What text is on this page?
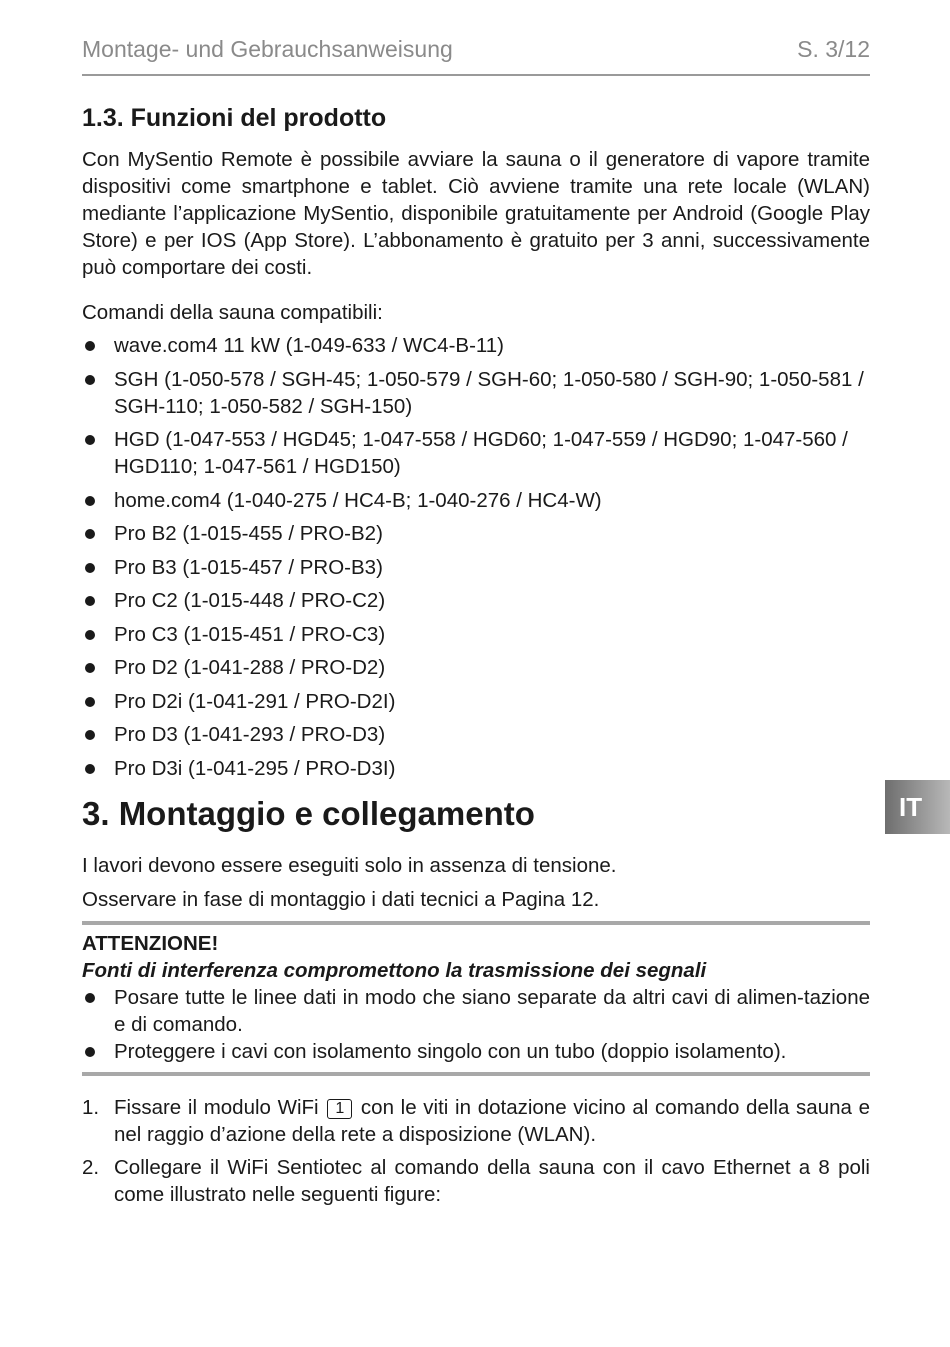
Montage- und Gebrauchsanweisung	S. 3/12
1.3. Funzioni del prodotto

Con MySentio Remote è possibile avviare la sauna o il generatore di vapore tramite dispositivi come smartphone e tablet. Ciò avviene tramite una rete locale (WLAN) mediante l’applicazione MySentio, disponibile gratuitamente per Android (Google Play Store) e per IOS (App Store). L’abbonamento è gratuito per 3 anni, successivamente può comportare dei costi.

Comandi della sauna compatibili:

wave.com4 11 kW (1-049-633 / WC4-B-11)
SGH (1-050-578 / SGH-45; 1-050-579 / SGH-60; 1-050-580 / SGH-90; 1-050-581 / SGH-110; 1-050-582 / SGH-150)
HGD (1-047-553 / HGD45; 1-047-558 / HGD60; 1-047-559 / HGD90; 1-047-560 / HGD110; 1-047-561 / HGD150)
home.com4 (1-040-275 / HC4-B; 1-040-276 / HC4-W)
Pro B2 (1-015-455 / PRO-B2)
Pro B3 (1-015-457 / PRO-B3)
Pro C2 (1-015-448 / PRO-C2)
Pro C3 (1-015-451 / PRO-C3)
Pro D2 (1-041-288 / PRO-D2)
Pro D2i (1-041-291 / PRO-D2I)
Pro D3 (1-041-293 / PRO-D3)
Pro D3i (1-041-295 / PRO-D3I)
3. Montaggio e collegamento

I lavori devono essere eseguiti solo in assenza di tensione.

Osservare in fase di montaggio i dati tecnici a Pagina 12.

ATTENZIONE!
Fonti di interferenza compromettono la trasmissione dei segnali
Posare tutte le linee dati in modo che siano separate da altri cavi di alimen-tazione e di comando.
Proteggere i cavi con isolamento singolo con un tubo (doppio isolamento).
1. Fissare il modulo WiFi 1 con le viti in dotazione vicino al comando della sauna e nel raggio d’azione della rete a disposizione (WLAN).
2. Collegare il WiFi Sentiotec al comando della sauna con il cavo Ethernet a 8 poli come illustrato nelle seguenti figure:
IT
